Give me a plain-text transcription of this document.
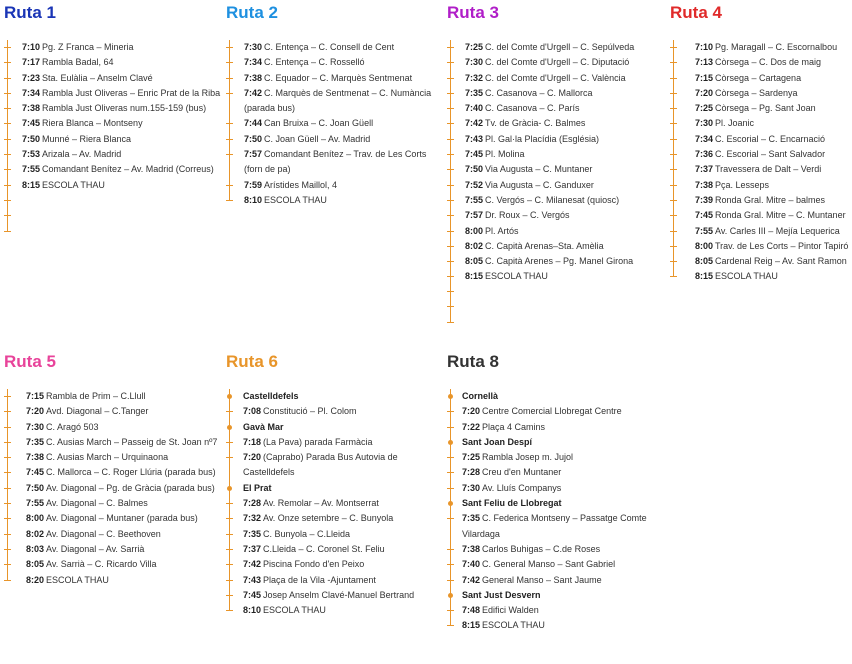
Ruta 1
7:10 Pg. Z Franca – Mineria
7:17 Rambla Badal, 64
7:23 Sta. Eulàlia – Anselm Clavé
7:34 Rambla Just Oliveras – Enric Prat de la Riba
7:38 Rambla Just Oliveras num.155-159 (bus)
7:45 Riera Blanca – Montseny
7:50 Munné – Riera Blanca
7:53 Arizala – Av. Madrid
7:55 Comandant Benítez – Av. Madrid (Correus)
8:15 ESCOLA THAU
Ruta 2
7:30 C. Entença – C. Consell de Cent
7:34 C. Entença – C. Rosselló
7:38 C. Equador – C. Marquès Sentmenat
7:42 C. Marquès de Sentmenat – C. Numància (parada bus)
7:44 Can Bruixa – C. Joan Güell
7:50 C. Joan Güell – Av. Madrid
7:57 Comandant Benítez – Trav. de Les Corts (forn de pa)
7:59 Arístides Maillol, 4
8:10 ESCOLA THAU
Ruta 3
7:25 C. del Comte d'Urgell – C. Sepúlveda
7:30 C. del Comte d'Urgell – C. Diputació
7:32 C. del Comte d'Urgell – C. València
7:35 C. Casanova – C. Mallorca
7:40 C. Casanova – C. París
7:42 Tv. de Gràcia- C. Balmes
7:43 Pl. Gal·la Placídia (Església)
7:45 Pl. Molina
7:50 Via Augusta – C. Muntaner
7:52 Via Augusta – C. Ganduxer
7:55 C. Vergós – C. Milanesat (quiosc)
7:57 Dr. Roux – C. Vergós
8:00 Pl. Artós
8:02 C. Capità Arenas–Sta. Amèlia
8:05 C. Capità Arenes – Pg. Manel Girona
8:15 ESCOLA THAU
Ruta 4
7:10 Pg. Maragall – C. Escornalbou
7:13 Còrsega – C. Dos de maig
7:15 Còrsega – Cartagena
7:20 Còrsega – Sardenya
7:25 Còrsega – Pg. Sant Joan
7:30 Pl. Joanic
7:34 C. Escorial – C. Encarnació
7:36 C. Escorial – Sant Salvador
7:37 Travessera de Dalt – Verdi
7:38 Pça. Lesseps
7:39 Ronda Gral. Mitre – balmes
7:45 Ronda Gral. Mitre – C. Muntaner
7:55 Av. Carles III – Mejía Lequerica
8:00 Trav. de Les Corts – Pintor Tapiró
8:05 Cardenal Reig – Av. Sant Ramon
8:15 ESCOLA THAU
Ruta 5
7:15 Rambla de Prim – C.Llull
7:20 Avd. Diagonal – C.Tanger
7:30 C. Aragó 503
7:35 C. Ausias March – Passeig de St. Joan nº7
7:38 C. Ausias March – Urquinaona
7:45 C. Mallorca – C. Roger Llúria (parada bus)
7:50 Av. Diagonal – Pg. de Gràcia (parada bus)
7:55 Av. Diagonal – C. Balmes
8:00 Av. Diagonal – Muntaner (parada bus)
8:02 Av. Diagonal – C. Beethoven
8:03 Av. Diagonal – Av. Sarrià
8:05 Av. Sarrià – C. Ricardo Villa
8:20 ESCOLA THAU
Ruta 6
Castelldefels
7:08 Constitució – Pl. Colom
Gavà Mar
7:18 (La Pava) parada Farmàcia
7:20 (Caprabo) Parada Bus Autovia de Castelldefels
El Prat
7:28 Av. Remolar – Av. Montserrat
7:32 Av. Onze setembre – C. Bunyola
7:35 C. Bunyola – C.Lleida
7:37 C.Lleida – C. Coronel St. Feliu
7:42 Piscina Fondo d'en Peixo
7:43 Plaça de la Vila -Ajuntament
7:45 Josep Anselm Clavé-Manuel Bertrand
8:10 ESCOLA THAU
Ruta 8
Cornellà
7:20 Centre Comercial Llobregat Centre
7:22 Plaça 4 Camins
Sant Joan Despí
7:25 Rambla Josep m. Jujol
7:28 Creu d'en Muntaner
7:30 Av. Lluís Companys
Sant Feliu de Llobregat
7:35 C. Federica Montseny – Passatge Comte Vilardaga
7:38 Carlos Buhigas – C.de Roses
7:40 C. General Manso – Sant Gabriel
7:42 General Manso – Sant Jaume
Sant Just Desvern
7:48 Edifici Walden
8:15 ESCOLA THAU
